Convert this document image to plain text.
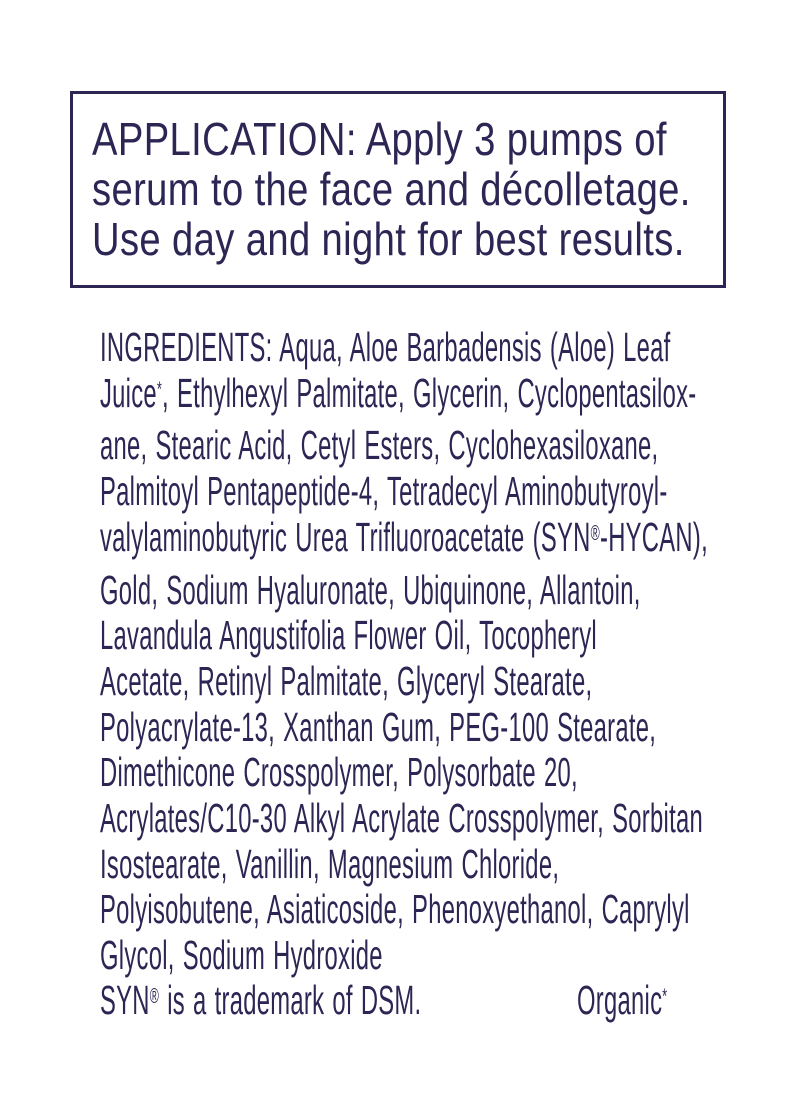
APPLICATION: Apply 3 pumps of
serum to the face and décolletage.
Use day and night for best results.
INGREDIENTS: Aqua, Aloe Barbadensis (Aloe) Leaf
Juice*, Ethylhexyl Palmitate, Glycerin, Cyclopentasilox-
ane, Stearic Acid, Cetyl Esters, Cyclohexasiloxane,
Palmitoyl Pentapeptide-4, Tetradecyl Aminobutyroyl-
valylaminobutyric Urea Trifluoroacetate (SYN®-HYCAN),
Gold, Sodium Hyaluronate, Ubiquinone, Allantoin,
Lavandula Angustifolia Flower Oil, Tocopheryl
Acetate, Retinyl Palmitate, Glyceryl Stearate,
Polyacrylate-13, Xanthan Gum, PEG-100 Stearate,
Dimethicone Crosspolymer, Polysorbate 20,
Acrylates/C10-30 Alkyl Acrylate Crosspolymer, Sorbitan
Isostearate, Vanillin, Magnesium Chloride,
Polyisobutene, Asiaticoside, Phenoxyethanol, Caprylyl
Glycol, Sodium Hydroxide
SYN® is a trademark of DSM.	Organic*
